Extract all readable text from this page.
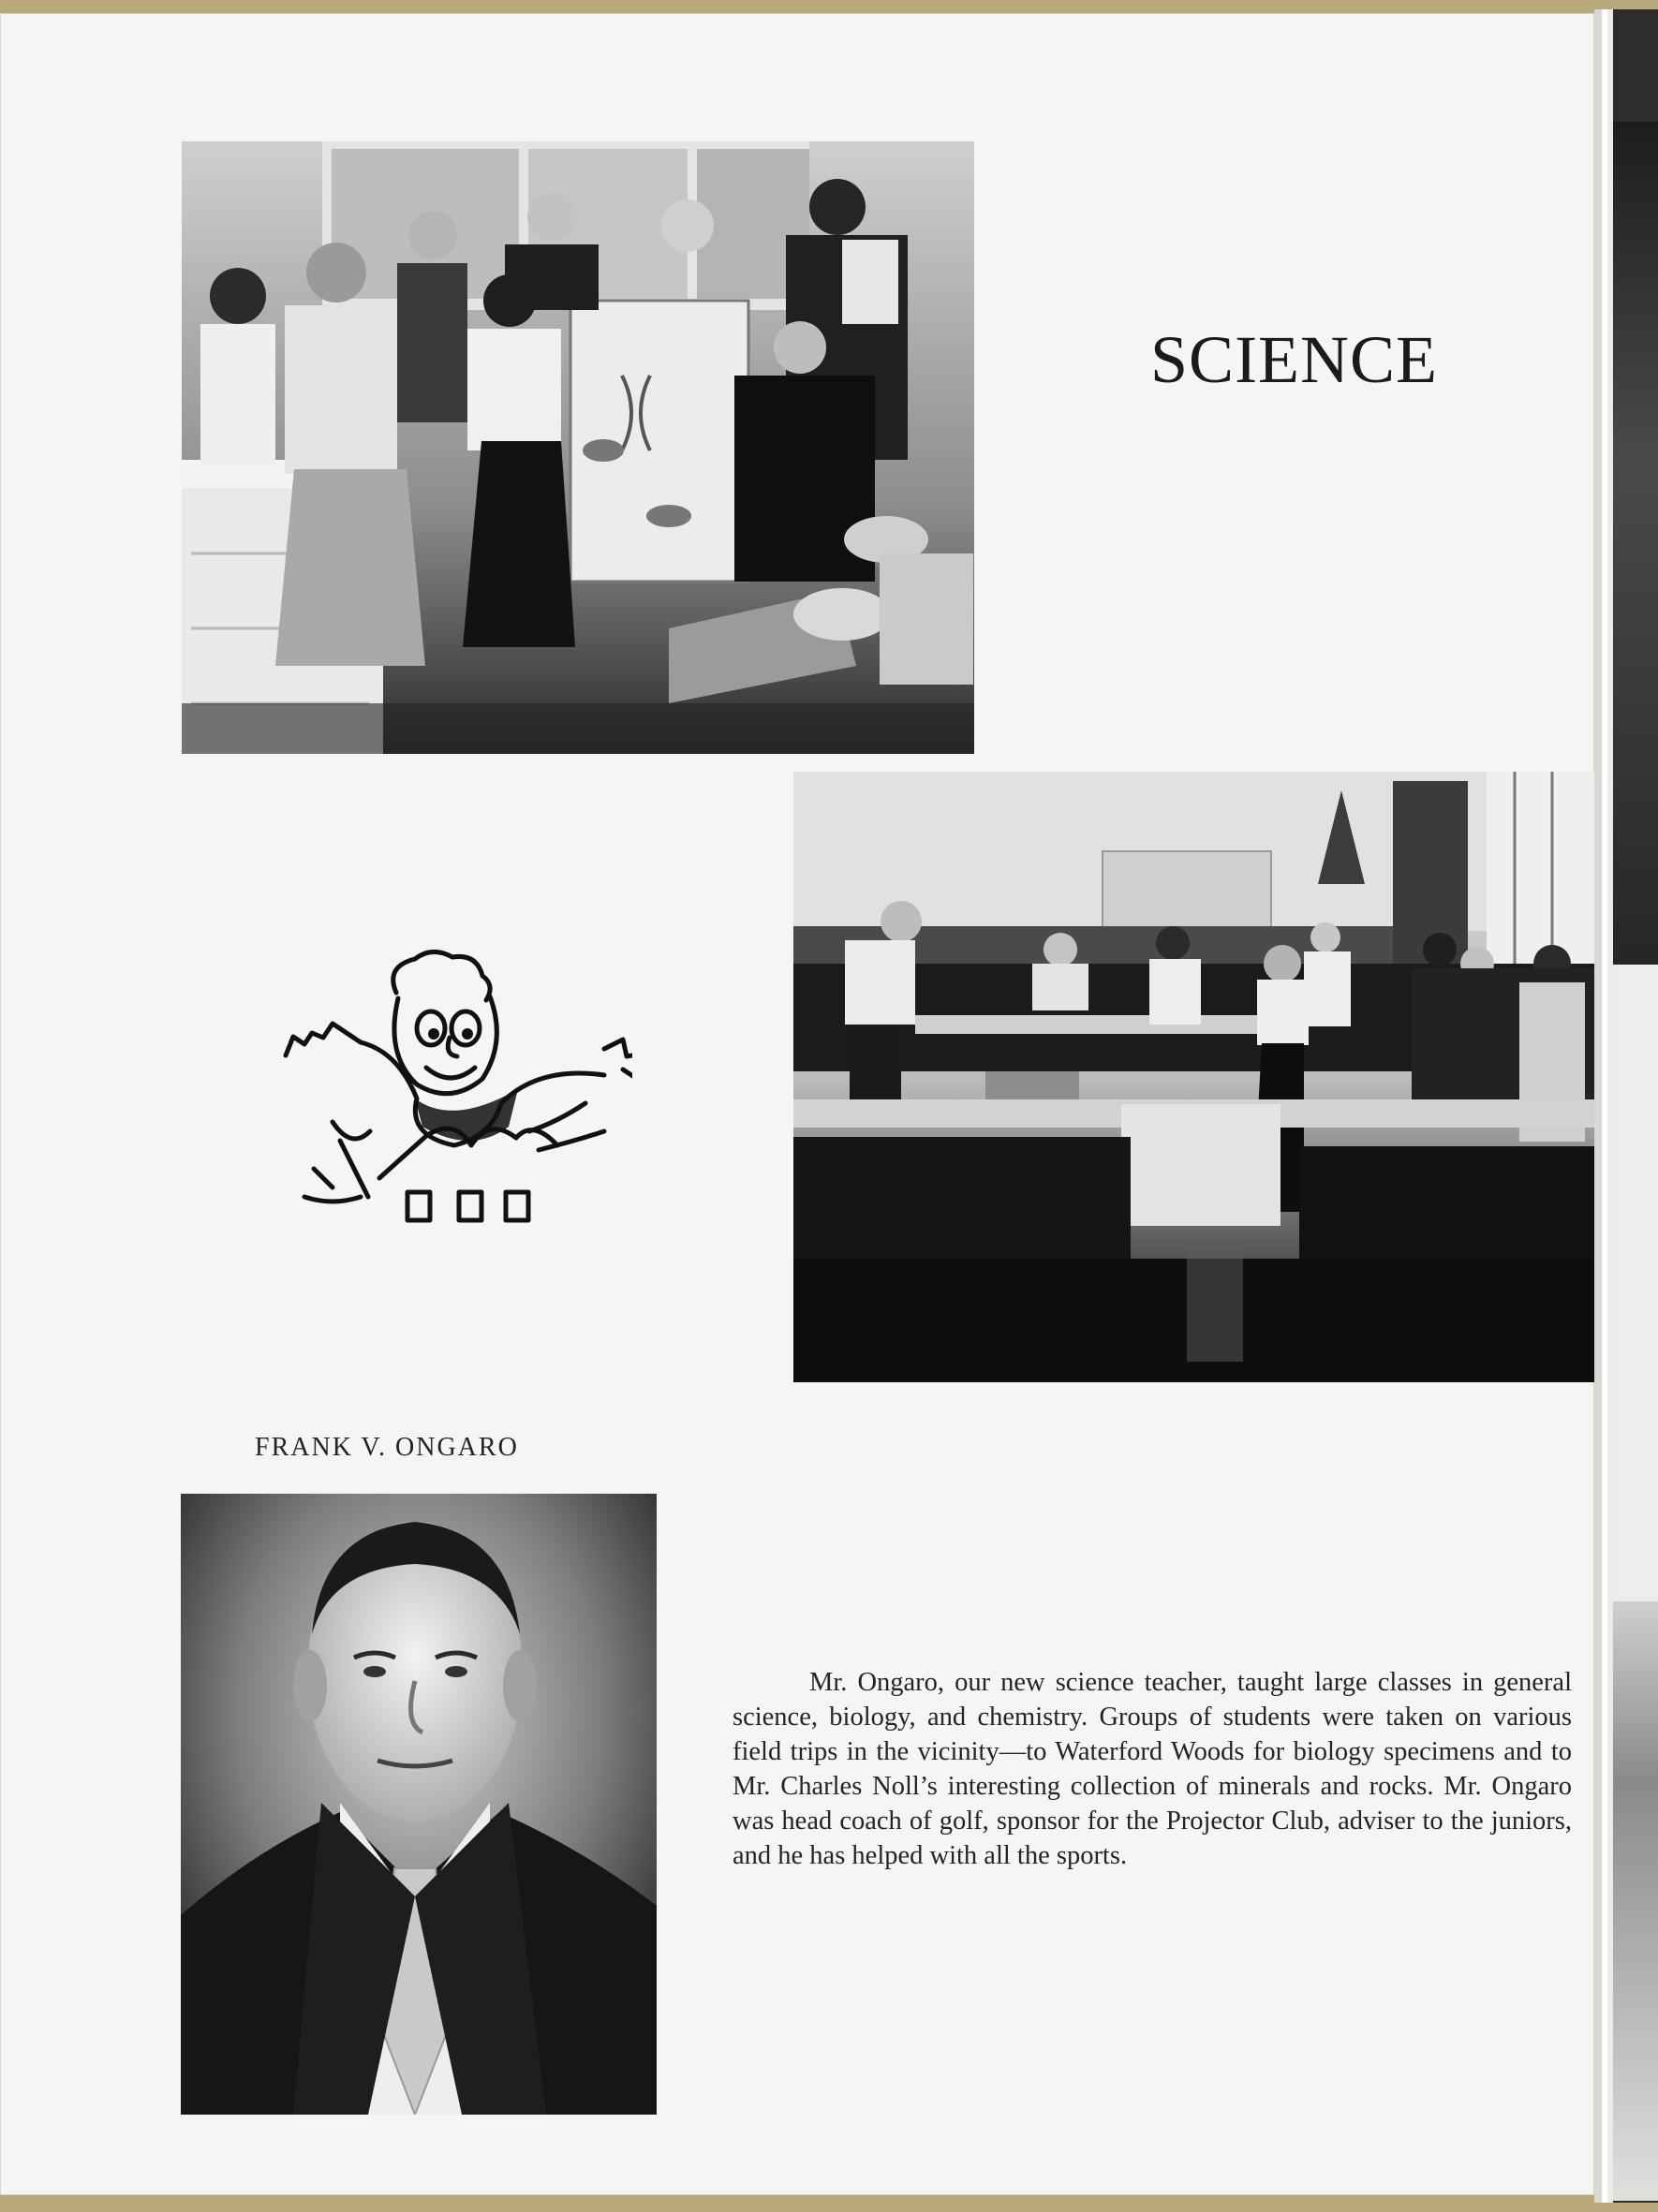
SCIENCE

FRANK V. ONGARO

Mr. Ongaro, our new science teacher, taught large classes in general science, biology, and chemistry. Groups of students were taken on various field trips in the vicinity—to Waterford Woods for biology specimens and to Mr. Charles Noll’s interesting collection of minerals and rocks. Mr. Ongaro was head coach of golf, sponsor for the Projector Club, adviser to the juniors, and he has helped with all the sports.
